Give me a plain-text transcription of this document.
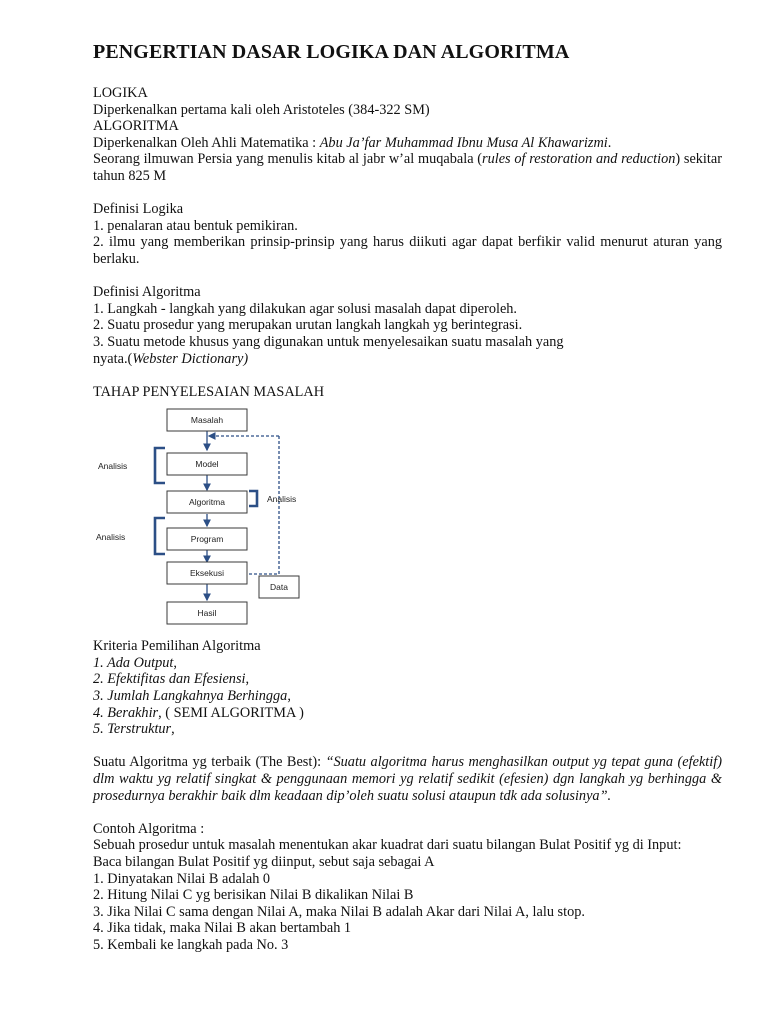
PENGERTIAN DASAR LOGIKA DAN ALGORITMA

LOGIKA

Diperkenalkan pertama kali oleh Aristoteles (384-322 SM)

ALGORITMA

Diperkenalkan Oleh Ahli Matematika : Abu Ja’far Muhammad Ibnu Musa Al Khawarizmi.

Seorang ilmuwan Persia yang menulis kitab al jabr w’al muqabala (rules of restoration and reduction) sekitar tahun 825 M

Definisi Logika

1. penalaran atau bentuk pemikiran.

2. ilmu yang memberikan prinsip-prinsip yang harus diikuti agar dapat berfikir valid menurut aturan yang berlaku.

Definisi Algoritma

1. Langkah - langkah yang dilakukan agar solusi masalah dapat diperoleh.

2. Suatu prosedur yang merupakan urutan langkah langkah yg berintegrasi.

3. Suatu metode khusus yang digunakan untuk menyelesaikan suatu masalah yang

nyata.(Webster Dictionary)

TAHAP PENYELESAIAN MASALAH

Masalah
Model
Algoritma
Program
Eksekusi
Hasil
Data
Analisis
Analisis
Analisis

Kriteria Pemilihan Algoritma

1. Ada Output,

2. Efektifitas dan Efesiensi,

3. Jumlah Langkahnya Berhingga,

4. Berakhir, ( SEMI ALGORITMA )

5. Terstruktur,

Suatu Algoritma yg terbaik (The Best): “Suatu algoritma harus menghasilkan output yg tepat guna (efektif) dlm waktu yg relatif singkat & penggunaan memori yg relatif sedikit (efesien) dgn langkah yg berhingga & prosedurnya berakhir baik dlm keadaan dip’oleh suatu solusi ataupun tdk ada solusinya”.

Contoh Algoritma :

Sebuah prosedur untuk masalah menentukan akar kuadrat dari suatu bilangan Bulat Positif yg di Input:

Baca bilangan Bulat Positif yg diinput, sebut saja sebagai A

1. Dinyatakan Nilai B adalah 0

2. Hitung Nilai C yg berisikan Nilai B dikalikan Nilai B

3. Jika Nilai C sama dengan Nilai A, maka Nilai B adalah Akar dari Nilai A, lalu stop.

4. Jika tidak, maka Nilai B akan bertambah 1

5. Kembali ke langkah pada No. 3
